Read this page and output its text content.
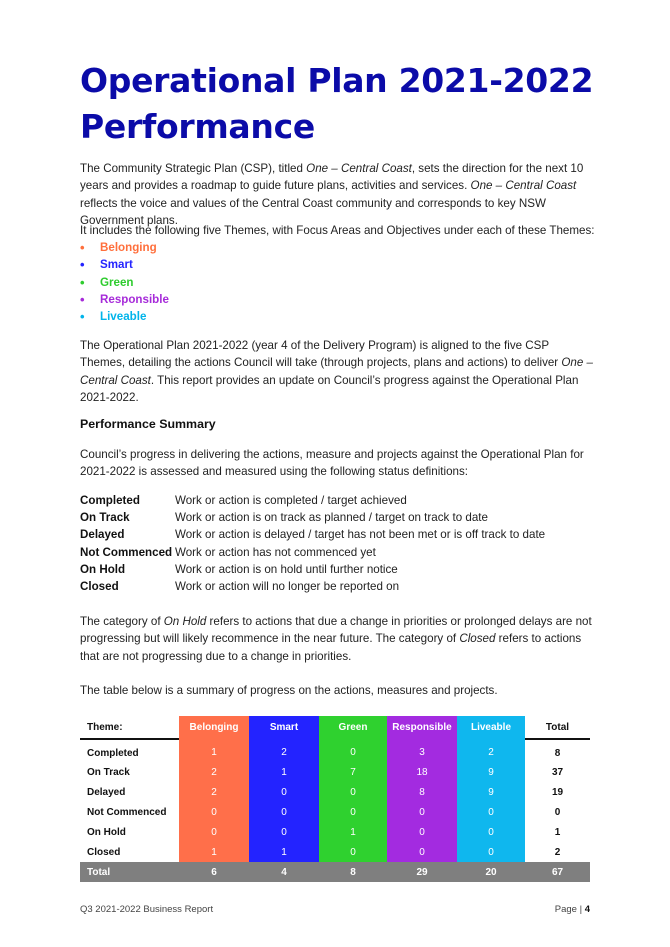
Operational Plan 2021-2022 Performance

The Community Strategic Plan (CSP), titled One – Central Coast, sets the direction for the next 10 years and provides a roadmap to guide future plans, activities and services. One – Central Coast reflects the voice and values of the Central Coast community and corresponds to key NSW Government plans.

It includes the following five Themes, with Focus Areas and Objectives under each of these Themes:

•	Belonging
•	Smart
•	Green
•	Responsible
•	Liveable

The Operational Plan 2021-2022 (year 4 of the Delivery Program) is aligned to the five CSP Themes, detailing the actions Council will take (through projects, plans and actions) to deliver One – Central Coast. This report provides an update on Council’s progress against the Operational Plan 2021-2022.

Performance Summary

Council’s progress in delivering the actions, measure and projects against the Operational Plan for 2021-2022 is assessed and measured using the following status definitions:

Completed	Work or action is completed / target achieved
On Track	Work or action is on track as planned / target on track to date
Delayed	Work or action is delayed / target has not been met or is off track to date
Not Commenced Work or action has not commenced yet
On Hold	Work or action is on hold until further notice
Closed	Work or action will no longer be reported on

The category of On Hold refers to actions that due a change in priorities or prolonged delays are not progressing but will likely recommence in the near future. The category of Closed refers to actions that are not progressing due to a change in priorities.

The table below is a summary of progress on the actions, measures and projects.

Theme:	Belonging	Smart	Green	Responsible	Liveable	Total
Completed	1	2	0	3	2	8
On Track	2	1	7	18	9	37
Delayed	2	0	0	8	9	19
Not Commenced	0	0	0	0	0	0
On Hold	0	0	1	0	0	1
Closed	1	1	0	0	0	2
Total	6	4	8	29	20	67
Q3 2021-2022 Business Report	Page | 4
